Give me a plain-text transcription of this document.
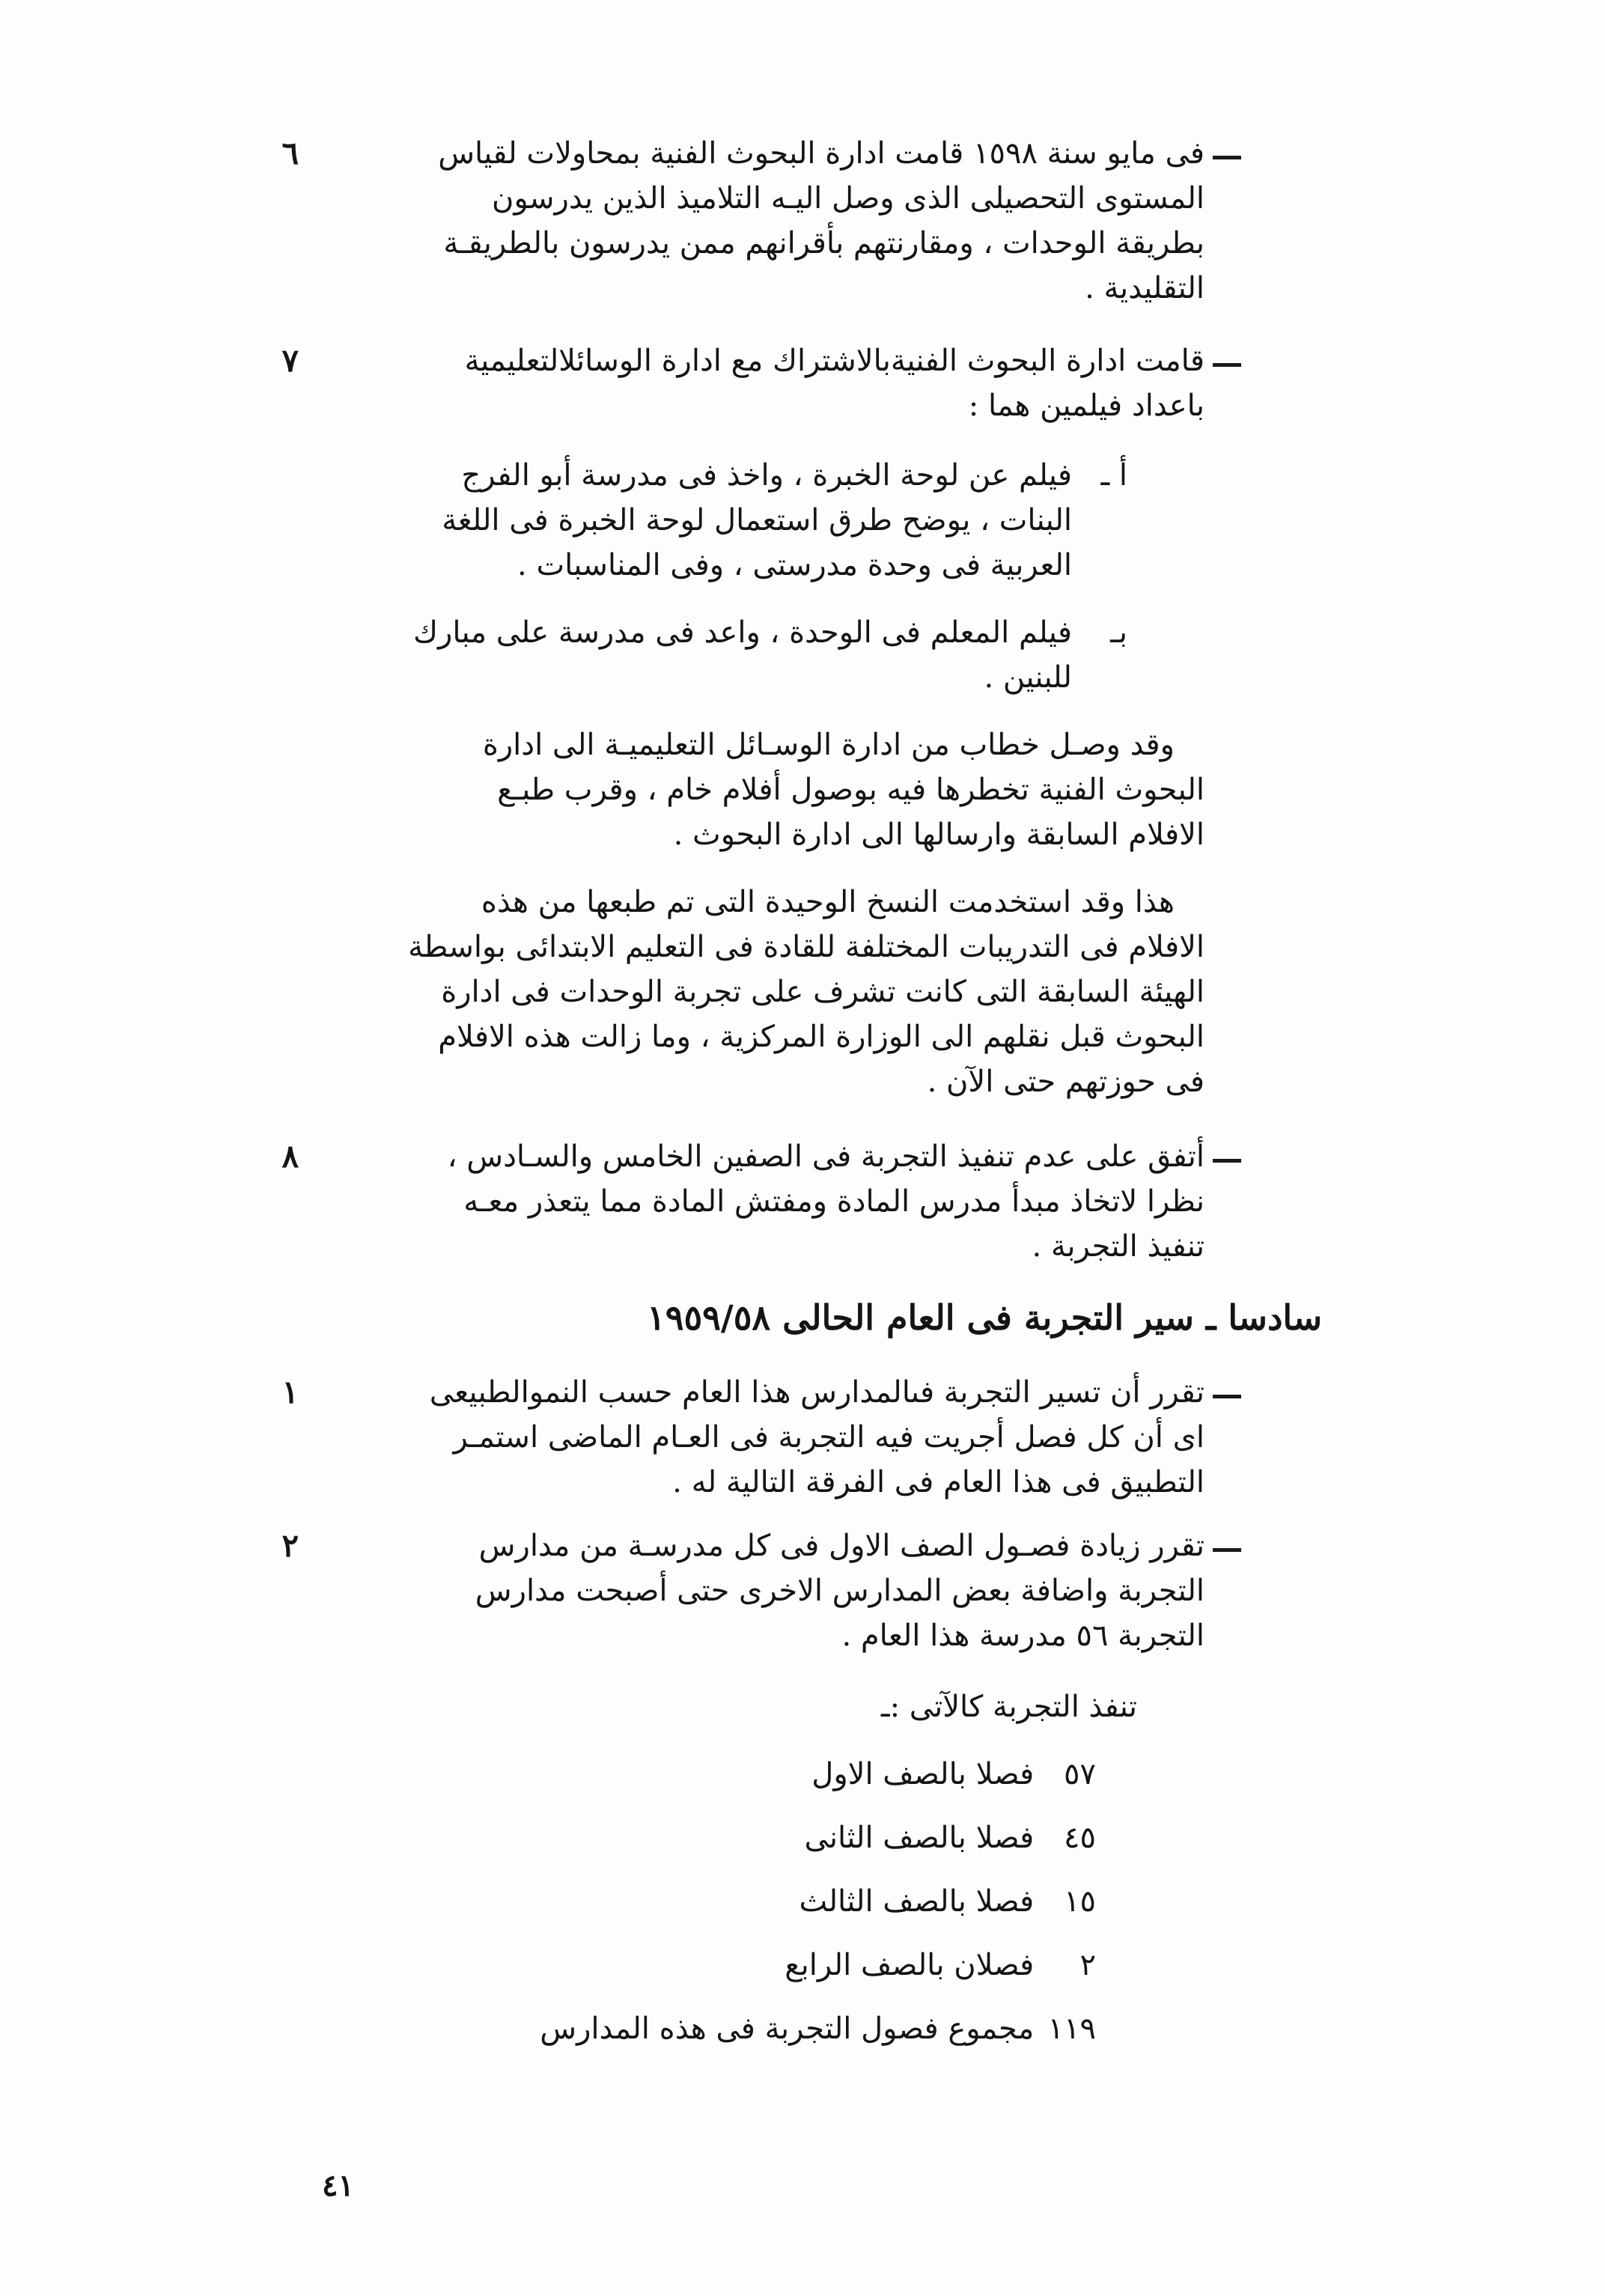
٦	فى مايو سنة ١٥٩٨ قامت ادارة البحوث الفنية بمحاولات لقياس
المستوى التحصيلى الذى وصل اليـه التلاميذ الذين يدرسون
بطريقة الوحدات ، ومقارنتهم بأقرانهم ممن يدرسون بالطريقـة
التقليدية .
٧	قامت ادارة البحوث الفنيةبالاشتراك مع ادارة الوسائلالتعليمية
باعداد فيلمين هما :
أ ـ
فيلم عن لوحة الخبرة ، واخذ فى مدرسة أبو الفرج
البنات ، يوضح طرق استعمال لوحة الخبرة فى اللغة
العربية فى وحدة مدرستى ، وفى المناسبات .
بـ
فيلم المعلم فى الوحدة ، واعد فى مدرسة على مبارك
للبنين .
وقد وصـل خطاب من ادارة الوسـائل التعليميـة الى ادارة
البحوث الفنية تخطرها فيه بوصول أفلام خام ، وقرب طبـع
الافلام السابقة وارسالها الى ادارة البحوث .
هذا وقد استخدمت النسخ الوحيدة التى تم طبعها من هذه
الافلام فى التدريبات المختلفة للقادة فى التعليم الابتدائى بواسطة
الهيئة السابقة التى كانت تشرف على تجربة الوحدات فى ادارة
البحوث قبل نقلهم الى الوزارة المركزية ، وما زالت هذه الافلام
فى حوزتهم حتى الآن .
٨	أتفق على عدم تنفيذ التجربة فى الصفين الخامس والسـادس ،
نظرا لاتخاذ مبدأ مدرس المادة ومفتش المادة مما يتعذر معـه
تنفيذ التجربة .
سادسا ـ سير التجربة فى العام الحالى ١٩٥٩/٥٨
١	تقرر أن تسير التجربة فىالمدارس هذا العام حسب النموالطبيعى
اى أن كل فصل أجريت فيه التجربة فى العـام الماضى استمـر
التطبيق فى هذا العام فى الفرقة التالية له .
٢	تقرر زيادة فصـول الصف الاول فى كل مدرسـة من مدارس
التجربة واضافة بعض المدارس الاخرى حتى أصبحت مدارس
التجربة ٥٦ مدرسة هذا العام .
تنفذ التجربة كالآتى :ـ
٥٧ فصلا بالصف الاول
٤٥ فصلا بالصف الثانى
١٥ فصلا بالصف الثالث
٢ فصلان بالصف الرابع
١١٩ مجموع فصول التجربة فى هذه المدارس
٤١
